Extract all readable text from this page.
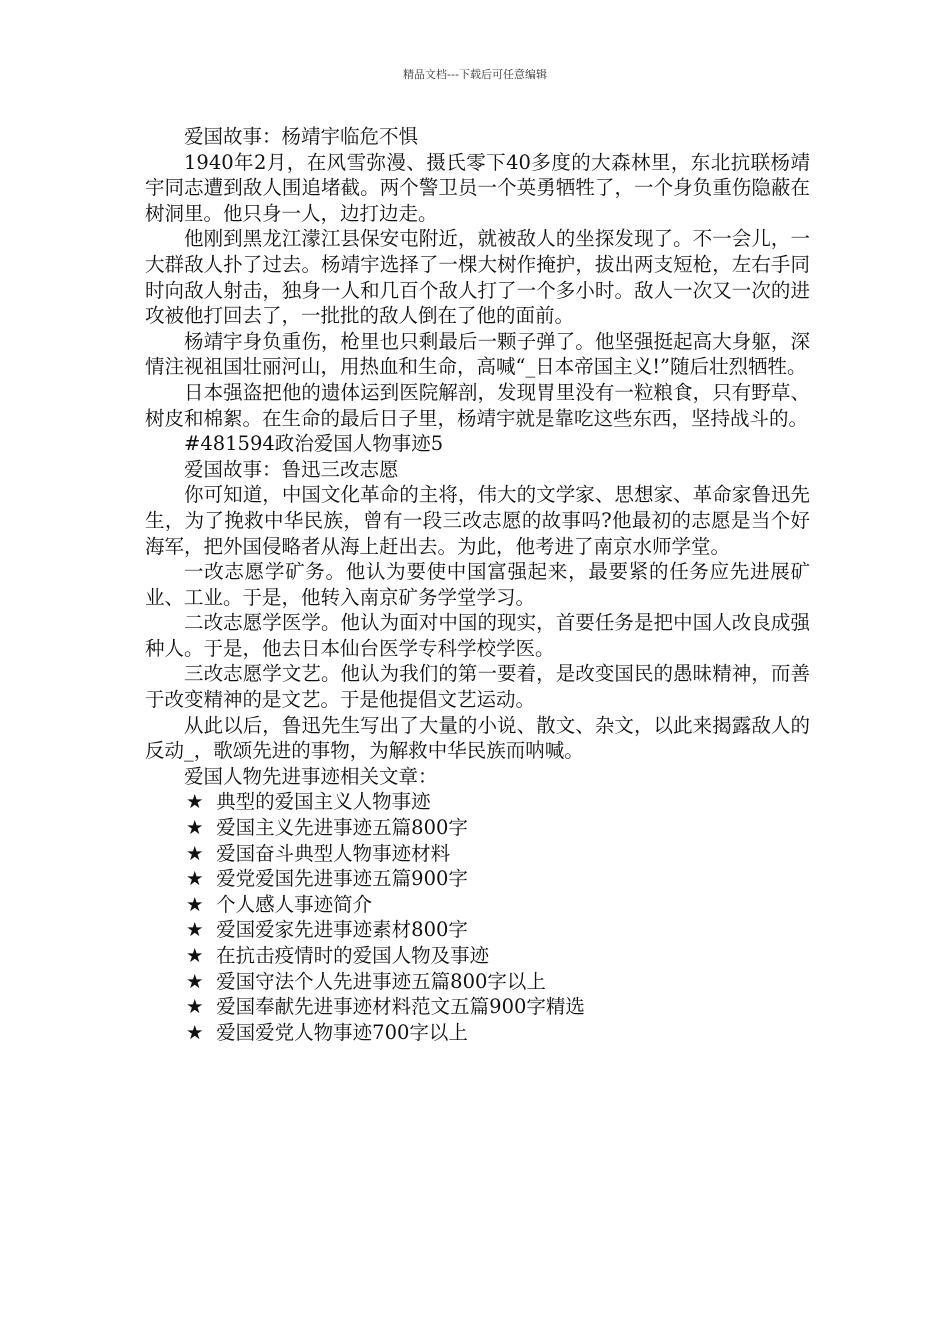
精品文档---下载后可任意编辑

爱国故事：杨靖宇临危不惧

1940年2月，在风雪弥漫、摄氏零下40多度的大森林里，东北抗联杨靖宇同志遭到敌人围追堵截。两个警卫员一个英勇牺牲了，一个身负重伤隐蔽在树洞里。他只身一人，边打边走。

他刚到黑龙江濛江县保安屯附近，就被敌人的坐探发现了。不一会儿，一大群敌人扑了过去。杨靖宇选择了一棵大树作掩护，拔出两支短枪，左右手同时向敌人射击，独身一人和几百个敌人打了一个多小时。敌人一次又一次的进攻被他打回去了，一批批的敌人倒在了他的面前。

杨靖宇身负重伤，枪里也只剩最后一颗子弹了。他坚强挺起高大身躯，深情注视祖国壮丽河山，用热血和生命，高喊“_日本帝国主义!”随后壮烈牺牲。

日本强盗把他的遗体运到医院解剖，发现胃里没有一粒粮食，只有野草、树皮和棉絮。在生命的最后日子里，杨靖宇就是靠吃这些东西，坚持战斗的。

#481594政治爱国人物事迹5

爱国故事：鲁迅三改志愿

你可知道，中国文化革命的主将，伟大的文学家、思想家、革命家鲁迅先生，为了挽救中华民族，曾有一段三改志愿的故事吗?他最初的志愿是当个好海军，把外国侵略者从海上赶出去。为此，他考进了南京水师学堂。

一改志愿学矿务。他认为要使中国富强起来，最要紧的任务应先进展矿业、工业。于是，他转入南京矿务学堂学习。

二改志愿学医学。他认为面对中国的现实，首要任务是把中国人改良成强种人。于是，他去日本仙台医学专科学校学医。

三改志愿学文艺。他认为我们的第一要着，是改变国民的愚昧精神，而善于改变精神的是文艺。于是他提倡文艺运动。

从此以后，鲁迅先生写出了大量的小说、散文、杂文，以此来揭露敌人的反动_，歌颂先进的事物，为解救中华民族而呐喊。

爱国人物先进事迹相关文章：

★ 典型的爱国主义人物事迹
★ 爱国主义先进事迹五篇800字
★ 爱国奋斗典型人物事迹材料
★ 爱党爱国先进事迹五篇900字
★ 个人感人事迹简介
★ 爱国爱家先进事迹素材800字
★ 在抗击疫情时的爱国人物及事迹
★ 爱国守法个人先进事迹五篇800字以上
★ 爱国奉献先进事迹材料范文五篇900字精选
★ 爱国爱党人物事迹700字以上
